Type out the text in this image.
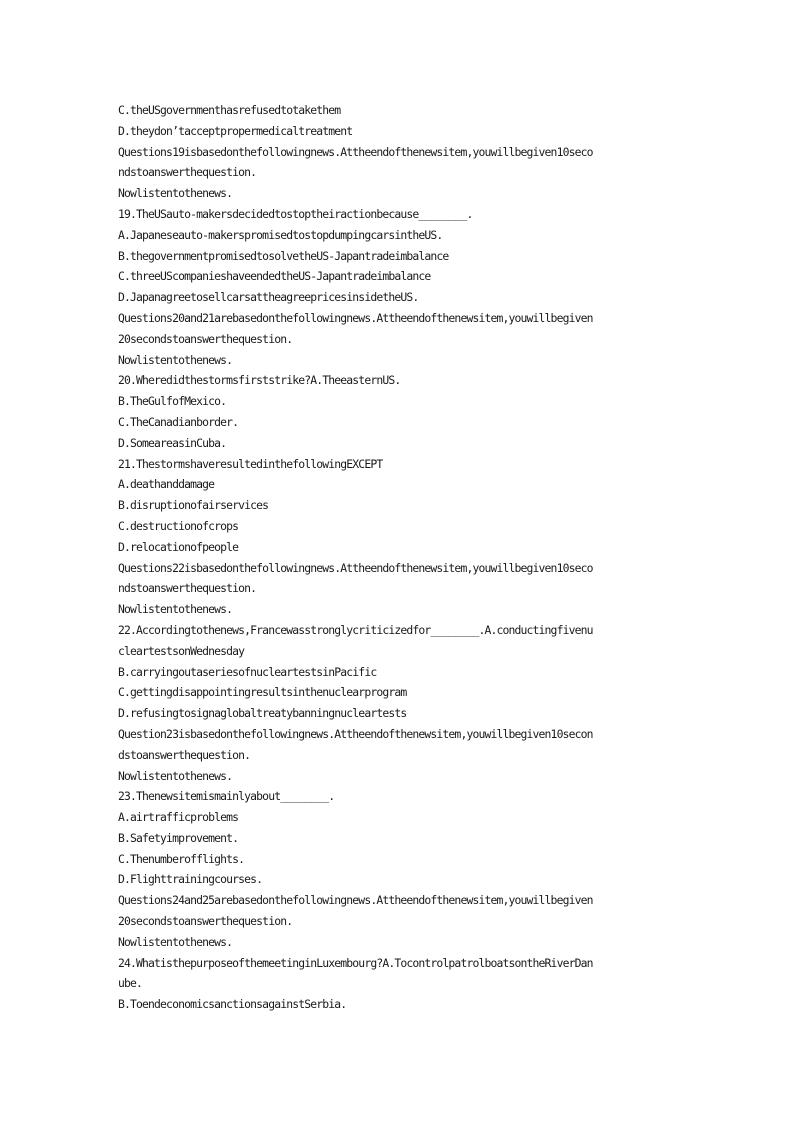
C.theUSgovernmenthasrefusedtotakethem
D.theydon’tacceptpropermedicaltreatment
Questions19isbasedonthefollowingnews.Attheendofthenewsitem,youwillbegiven10seco
ndstoanswerthequestion.
Nowlistentothenews.
19.TheUSauto-makersdecidedtostoptheiractionbecause________.
A.Japaneseauto-makerspromisedtostopdumpingcarsintheUS.
B.thegovernmentpromisedtosolvetheUS-Japantradeimbalance
C.threeUScompanieshaveendedtheUS-Japantradeimbalance
D.JapanagreetosellcarsattheagreepricesinsidetheUS.
Questions20and21arebasedonthefollowingnews.Attheendofthenewsitem,youwillbegiven
20secondstoanswerthequestion.
Nowlistentothenews.
20.Wheredidthestormsfirststrike?A.TheeasternUS.
B.TheGulfofMexico.
C.TheCanadianborder.
D.SomeareasinCuba.
21.ThestormshaveresultedinthefollowingEXCEPT
A.deathanddamage
B.disruptionofairservices
C.destructionofcrops
D.relocationofpeople
Questions22isbasedonthefollowingnews.Attheendofthenewsitem,youwillbegiven10seco
ndstoanswerthequestion.
Nowlistentothenews.
22.Accordingtothenews,Francewasstronglycriticizedfor________.A.conductingfivenu
cleartestsonWednesday
B.carryingoutaseriesofnucleartestsinPacific
C.gettingdisappointingresultsinthenuclearprogram
D.refusingtosignaglobaltreatybanningnucleartests
Question23isbasedonthefollowingnews.Attheendofthenewsitem,youwillbegiven10secon
dstoanswerthequestion.
Nowlistentothenews.
23.Thenewsitemismainlyabout________.
A.airtrafficproblems
B.Safetyimprovement.
C.Thenumberofflights.
D.Flighttrainingcourses.
Questions24and25arebasedonthefollowingnews.Attheendofthenewsitem,youwillbegiven
20secondstoanswerthequestion.
Nowlistentothenews.
24.WhatisthepurposeofthemeetinginLuxembourg?A.TocontrolpatrolboatsontheRiverDan
ube.
B.ToendeconomicsanctionsagainstSerbia.
